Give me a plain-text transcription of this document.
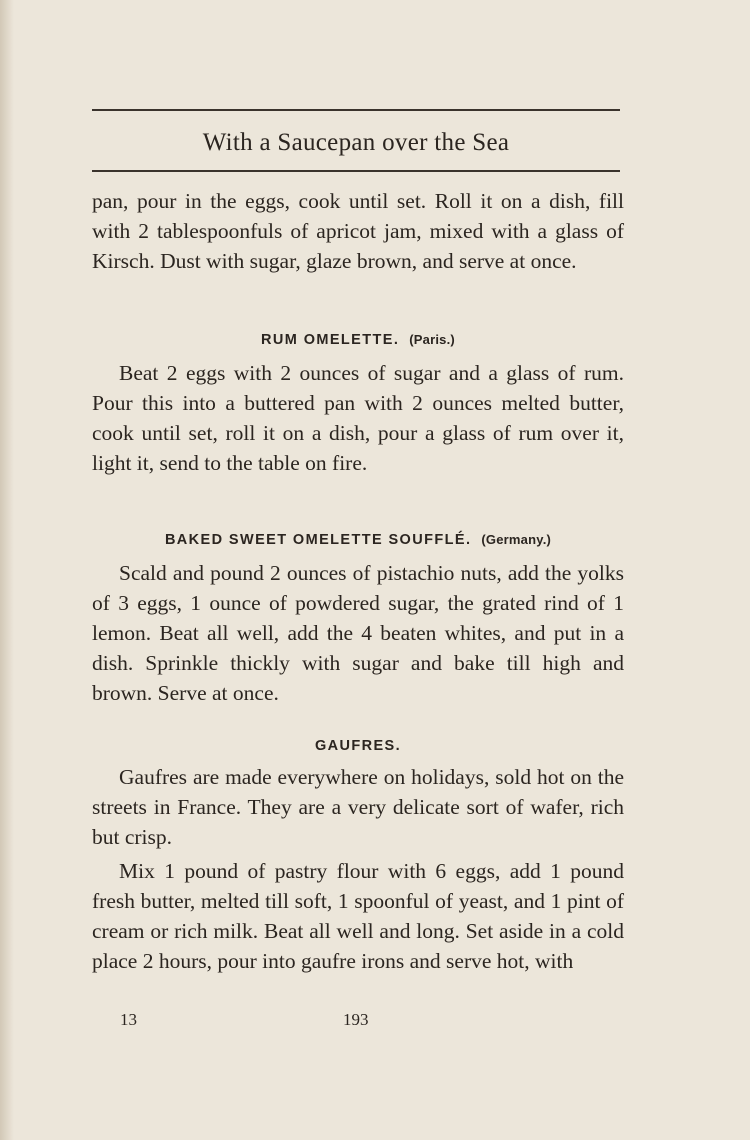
With a Saucepan over the Sea

pan, pour in the eggs, cook until set. Roll it on a dish, fill with 2 tablespoonfuls of apricot jam, mixed with a glass of Kirsch. Dust with sugar, glaze brown, and serve at once.

RUM OMELETTE. (Paris.)

Beat 2 eggs with 2 ounces of sugar and a glass of rum. Pour this into a buttered pan with 2 ounces melted butter, cook until set, roll it on a dish, pour a glass of rum over it, light it, send to the table on fire.

BAKED SWEET OMELETTE SOUFFLÉ. (Germany.)

Scald and pound 2 ounces of pistachio nuts, add the yolks of 3 eggs, 1 ounce of powdered sugar, the grated rind of 1 lemon. Beat all well, add the 4 beaten whites, and put in a dish. Sprinkle thickly with sugar and bake till high and brown. Serve at once.

GAUFRES.

Gaufres are made everywhere on holidays, sold hot on the streets in France. They are a very delicate sort of wafer, rich but crisp.

Mix 1 pound of pastry flour with 6 eggs, add 1 pound fresh butter, melted till soft, 1 spoonful of yeast, and 1 pint of cream or rich milk. Beat all well and long. Set aside in a cold place 2 hours, pour into gaufre irons and serve hot, with

13	193
